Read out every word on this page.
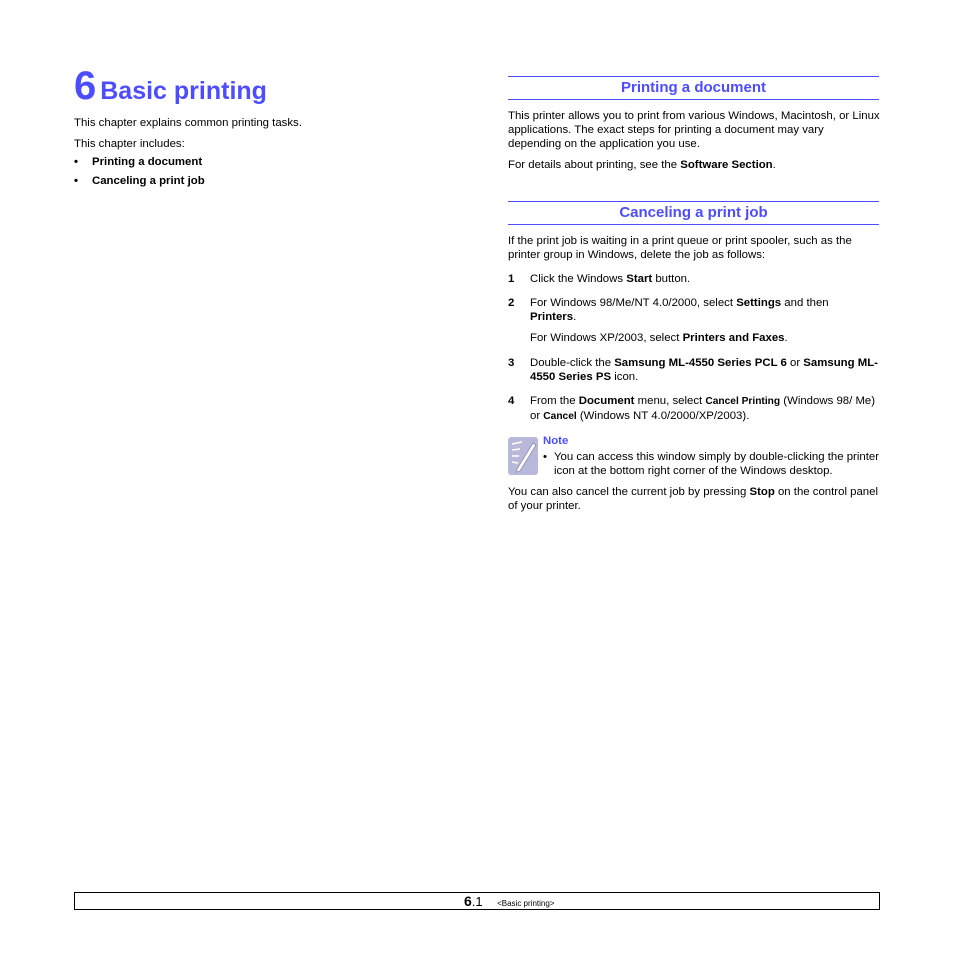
6 Basic printing

This chapter explains common printing tasks.

This chapter includes:

• Printing a document
• Canceling a print job
Printing a document

This printer allows you to print from various Windows, Macintosh, or Linux applications. The exact steps for printing a document may vary depending on the application you use.

For details about printing, see the Software Section.

Canceling a print job

If the print job is waiting in a print queue or print spooler, such as the printer group in Windows, delete the job as follows:

1 Click the Windows Start button.
2 For Windows 98/Me/NT 4.0/2000, select Settings and then
Printers.
For Windows XP/2003, select Printers and Faxes.
3 Double-click the Samsung ML-4550 Series PCL 6 or Samsung ML-4550 Series PS icon.
4 From the Document menu, select Cancel Printing (Windows 98/ Me) or Cancel (Windows NT 4.0/2000/XP/2003).
Note
• You can access this window simply by double-clicking the printer icon at the bottom right corner of the Windows desktop.

You can also cancel the current job by pressing Stop on the control panel of your printer.

6.1 <Basic printing>
